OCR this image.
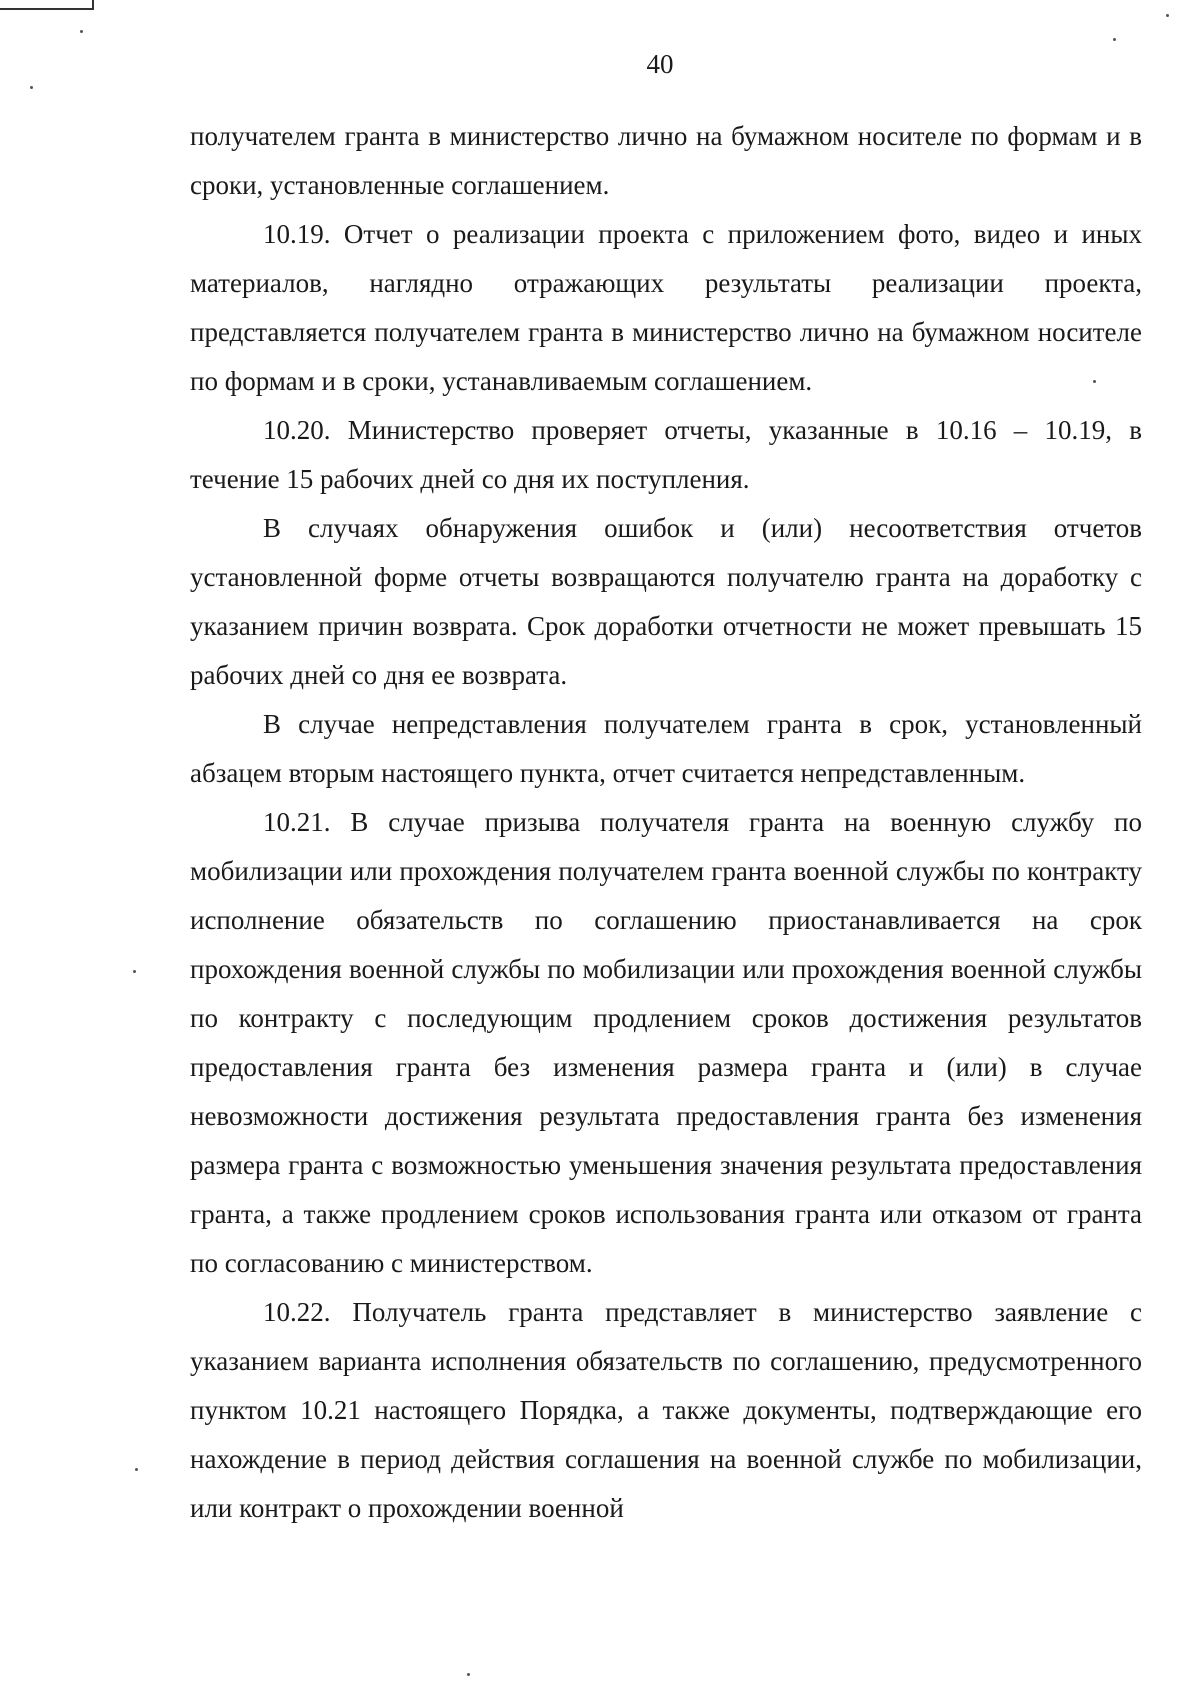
40

получателем гранта в министерство лично на бумажном носителе по формам и в сроки, установленные соглашением.

10.19. Отчет о реализации проекта с приложением фото, видео и иных материалов, наглядно отражающих результаты реализации проекта, представляется получателем гранта в министерство лично на бумажном носителе по формам и в сроки, устанавливаемым соглашением.

10.20. Министерство проверяет отчеты, указанные в 10.16 – 10.19, в течение 15 рабочих дней со дня их поступления.

В случаях обнаружения ошибок и (или) несоответствия отчетов установленной форме отчеты возвращаются получателю гранта на доработку с указанием причин возврата. Срок доработки отчетности не может превышать 15 рабочих дней со дня ее возврата.

В случае непредставления получателем гранта в срок, установленный абзацем вторым настоящего пункта, отчет считается непредставленным.

10.21. В случае призыва получателя гранта на военную службу по мобилизации или прохождения получателем гранта военной службы по контракту исполнение обязательств по соглашению приостанавливается на срок прохождения военной службы по мобилизации или прохождения военной службы по контракту с последующим продлением сроков достижения результатов предоставления гранта без изменения размера гранта и (или) в случае невозможности достижения результата предоставления гранта без изменения размера гранта с возможностью уменьшения значения результата предоставления гранта, а также продлением сроков использования гранта или отказом от гранта по согласованию с министерством.

10.22. Получатель гранта представляет в министерство заявление с указанием варианта исполнения обязательств по соглашению, предусмотренного пунктом 10.21 настоящего Порядка, а также документы, подтверждающие его нахождение в период действия соглашения на военной службе по мобилизации, или контракт о прохождении военной
